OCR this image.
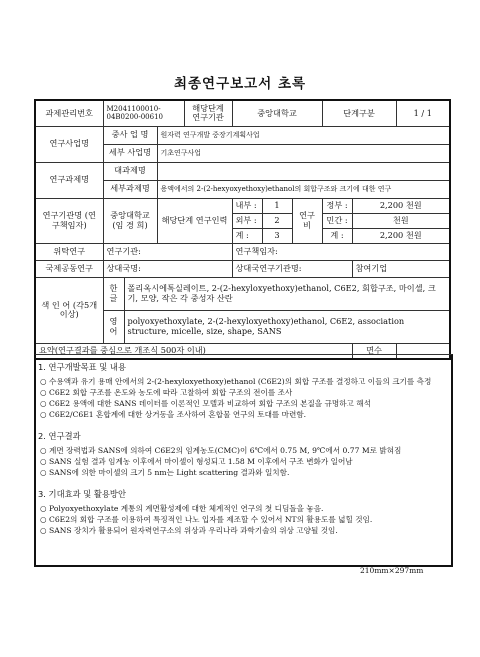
최종연구보고서 초록
과제관리번호	M2041100010-04B0200-00610			해당단계 연구기관	중앙대학교			단계구분		1 / 1
연구사업명	중사 업 명		원자력 연구개발 중장기계획사업							
	세부 사업명		기초연구사업							
연구과제명	대과제명									
	세부과제명		용액에서의 2-(2-hexyoxyethoxy)ethanol의 회합구조와 크기에 대한 연구							
연구기관명 (연구책임자)	중앙대학교 (임 경 희)		해당단계 연구인력		내부 :	1	연구비	정부 :	2,200 천원	
					외부 :	2		민간 :	천원	
					계 :	3		계 :	2,200 천원	
위탁연구	연구기관:				연구책임자:					
국제공동연구	상대국명:				상대국연구기관명:				참여기업	
색 인 어 (각5개이상)	한글	폴리옥시에톡실레이트, 2-(2-hexyloxyethoxy)ethanol, C6E2, 회합구조, 마이셀, 크기, 모양, 작은 각 중성자 산란								
	영어	polyoxyethoxylate, 2-(2-hexyloxyethoxy)ethanol, C6E2, association structure, micelle, size, shape, SANS								
요약(연구결과를 중심으로 개조식 500자 이내)									면수	
1. 연구개발목표 및 내용
○ 수용액과 유기 용매 안에서의 2-(2-hexyloxyethoxy)ethanol (C6E2)의 회합 구조를 결정하고 이들의 크기를 측정
○ C6E2 회합 구조를 온도와 농도에 따라 고찰하여 회합 구조의 전이를 조사
○ C6E2 용액에 대한 SANS 데이터를 이론적인 모델과 비교하여 회합 구조의 본질을 규명하고 해석
○ C6E2/C6E1 혼합계에 대한 상거동을 조사하여 혼합물 연구의 토대를 마련함.
2. 연구결과
○ 계면 장력법과 SANS에 의하여 C6E2의 임계농도(CMC)이 6℃에서 0.75 M, 9℃에서 0.77 M로 밝혀짐
○ SANS 실험 결과 임계농 이후에서 마이셀이 형성되고 1.58 M 이후에서 구조 변화가 일어남
○ SANS에 의한 마이셀의 크기 5 nm는 Light scattering 결과와 일치함.
3. 기대효과 및 활용방안
○ Polyoxyethoxylate 계통의 계면활성제에 대한 체계적인 연구의 첫 디딤돌을 놓음.
○ C6E2의 회합 구조를 이용하여 특징적인 나노 입자를 제조할 수 있어서 NT의 활용도를 넓힐 것임.
○ SANS 장치가 활용되어 원자력연구소의 위상과 우리나라 과학기술의 위상 고양될 것임.
210mm×297mm
